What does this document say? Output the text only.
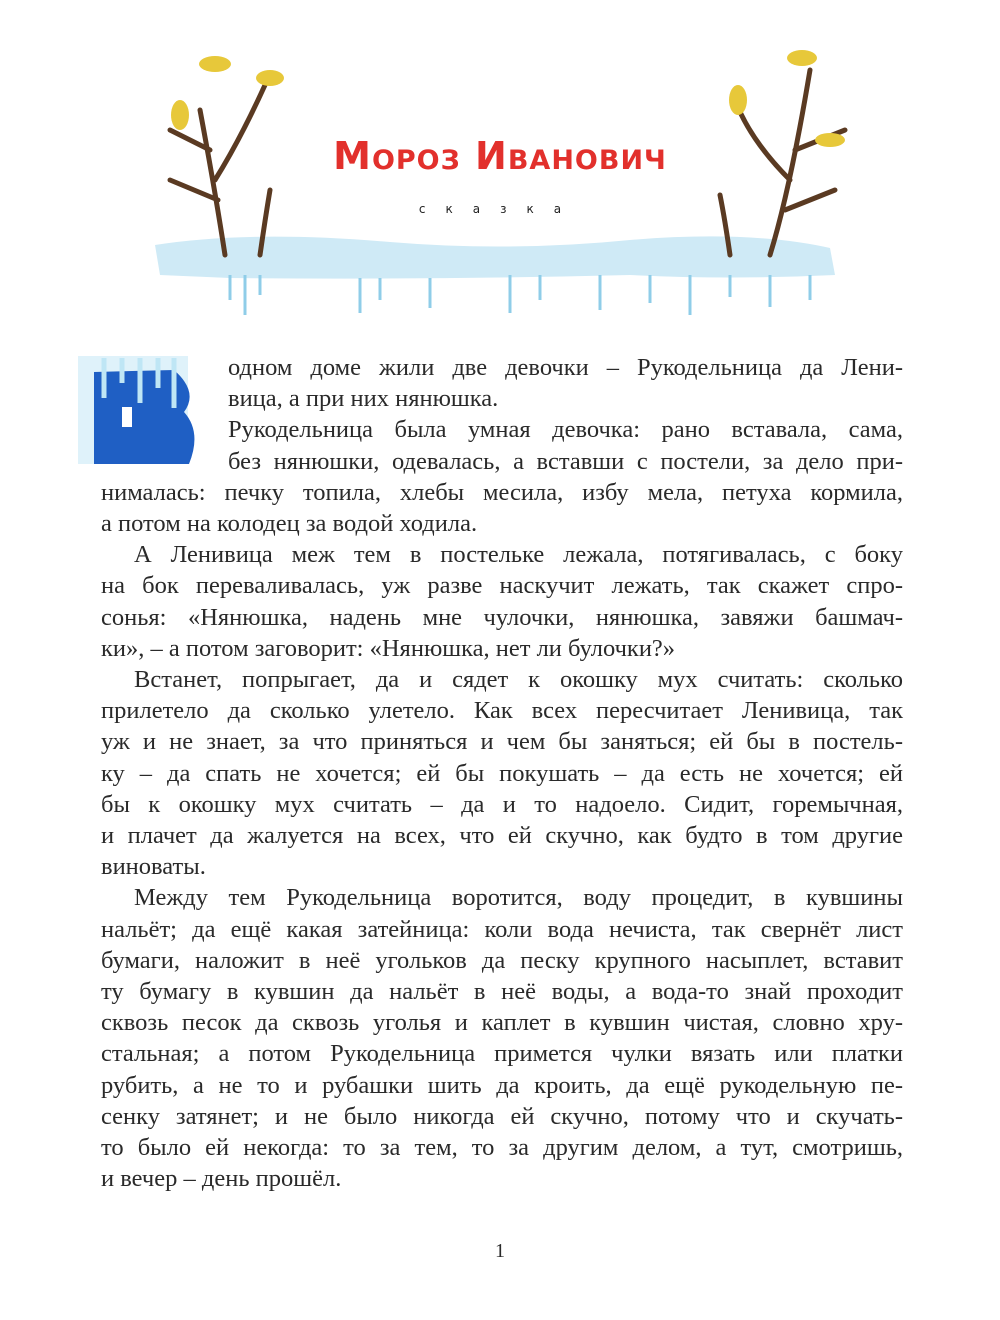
Мороз Иванович
сказка
одном доме жили две девочки – Рукодельница да Лени-
вица, а при них нянюшка.
Рукодельница была умная девочка: рано вставала, сама,
без нянюшки, одевалась, а вставши с постели, за дело при-
нималась: печку топила, хлебы месила, избу мела, петуха кормила,
а потом на колодец за водой ходила.
А Ленивица меж тем в постельке лежала, потягивалась, с боку
на бок переваливалась, уж разве наскучит лежать, так скажет спро-
сонья: «Нянюшка, надень мне чулочки, нянюшка, завяжи башмач-
ки», – а потом заговорит: «Нянюшка, нет ли булочки?»
Встанет, попрыгает, да и сядет к окошку мух считать: сколько
прилетело да сколько улетело. Как всех пересчитает Ленивица, так
уж и не знает, за что приняться и чем бы заняться; ей бы в постель-
ку – да спать не хочется; ей бы покушать – да есть не хочется; ей
бы к окошку мух считать – да и то надоело. Сидит, горемычная,
и плачет да жалуется на всех, что ей скучно, как будто в том другие
виноваты.
Между тем Рукодельница воротится, воду процедит, в кувшины
нальёт; да ещё какая затейница: коли вода нечиста, так свернёт лист
бумаги, наложит в неё угольков да песку крупного насыплет, вставит
ту бумагу в кувшин да нальёт в неё воды, а вода-то знай проходит
сквозь песок да сквозь уголья и каплет в кувшин чистая, словно хру-
стальная; а потом Рукодельница примется чулки вязать или платки
рубить, а не то и рубашки шить да кроить, да ещё рукодельную пе-
сенку затянет; и не было никогда ей скучно, потому что и скучать-
то было ей некогда: то за тем, то за другим делом, а тут, смотришь,
и вечер – день прошёл.
1
